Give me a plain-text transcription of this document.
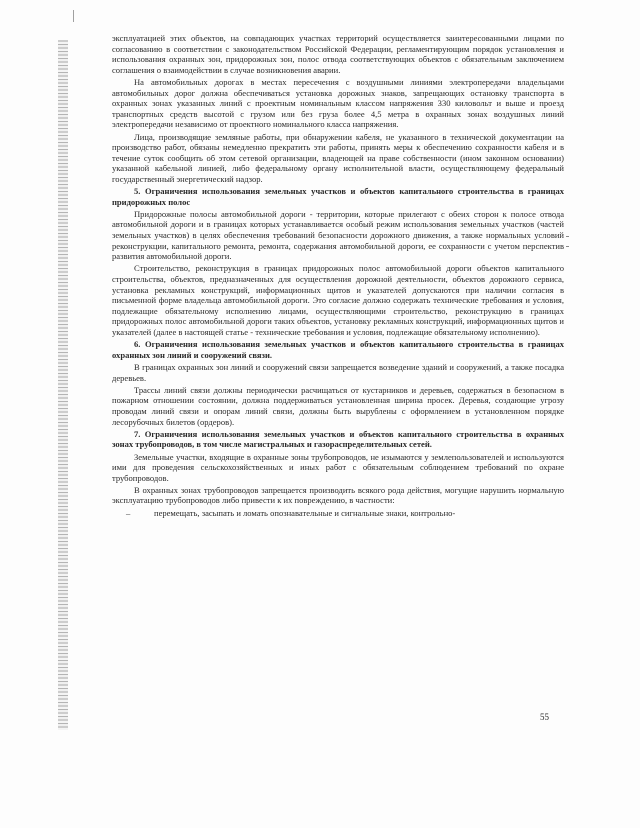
эксплуатацией этих объектов, на совпадающих участках территорий осуществляется заинтересованными лицами по согласованию в соответствии с законодательством Российской Федерации, регламентирующим порядок установления и использования охранных зон, придорожных зон, полос отвода соответствующих объектов с обязательным заключением соглашения о взаимодействии в случае возникновения аварии.

На автомобильных дорогах в местах пересечения с воздушными линиями электропередачи владельцами автомобильных дорог должна обеспечиваться установка дорожных знаков, запрещающих остановку транспорта в охранных зонах указанных линий с проектным номинальным классом напряжения 330 киловольт и выше и проезд транспортных средств высотой с грузом или без груза более 4,5 метра в охранных зонах воздушных линий электропередачи независимо от проектного номинального класса напряжения.

Лица, производящие земляные работы, при обнаружении кабеля, не указанного в технической документации на производство работ, обязаны немедленно прекратить эти работы, принять меры к обеспечению сохранности кабеля и в течение суток сообщить об этом сетевой организации, владеющей на праве собственности (ином законном основании) указанной кабельной линией, либо федеральному органу исполнительной власти, осуществляющему федеральный государственный энергетический надзор.

5. Ограничения использования земельных участков и объектов капитального строительства в границах придорожных полос

Придорожные полосы автомобильной дороги - территории, которые прилегают с обеих сторон к полосе отвода автомобильной дороги и в границах которых устанавливается особый режим использования земельных участков (частей земельных участков) в целях обеспечения требований безопасности дорожного движения, а также нормальных условий реконструкции, капитального ремонта, ремонта, содержания автомобильной дороги, ее сохранности с учетом перспектив развития автомобильной дороги.

Строительство, реконструкция в границах придорожных полос автомобильной дороги объектов капитального строительства, объектов, предназначенных для осуществления дорожной деятельности, объектов дорожного сервиса, установка рекламных конструкций, информационных щитов и указателей допускаются при наличии согласия в письменной форме владельца автомобильной дороги. Это согласие должно содержать технические требования и условия, подлежащие обязательному исполнению лицами, осуществляющими строительство, реконструкцию в границах придорожных полос автомобильной дороги таких объектов, установку рекламных конструкций, информационных щитов и указателей (далее в настоящей статье - технические требования и условия, подлежащие обязательному исполнению).

6. Ограничения использования земельных участков и объектов капитального строительства в границах охранных зон линий и сооружений связи.

В границах охранных зон линий и сооружений связи запрещается возведение зданий и сооружений, а также посадка деревьев.

Трассы линий связи должны периодически расчищаться от кустарников и деревьев, содержаться в безопасном в пожарном отношении состоянии, должна поддерживаться установленная ширина просек. Деревья, создающие угрозу проводам линий связи и опорам линий связи, должны быть вырублены с оформлением в установленном порядке лесорубочных билетов (ордеров).

7. Ограничения использования земельных участков и объектов капитального строительства в охранных зонах трубопроводов, в том числе магистральных и газораспределительных сетей.

Земельные участки, входящие в охранные зоны трубопроводов, не изымаются у землепользователей и используются ими для проведения сельскохозяйственных и иных работ с обязательным соблюдением требований по охране трубопроводов.

В охранных зонах трубопроводов запрещается производить всякого рода действия, могущие нарушить нормальную эксплуатацию трубопроводов либо привести к их повреждению, в частности:

–	перемещать, засыпать и ломать опознавательные и сигнальные знаки, контрольно-

55
